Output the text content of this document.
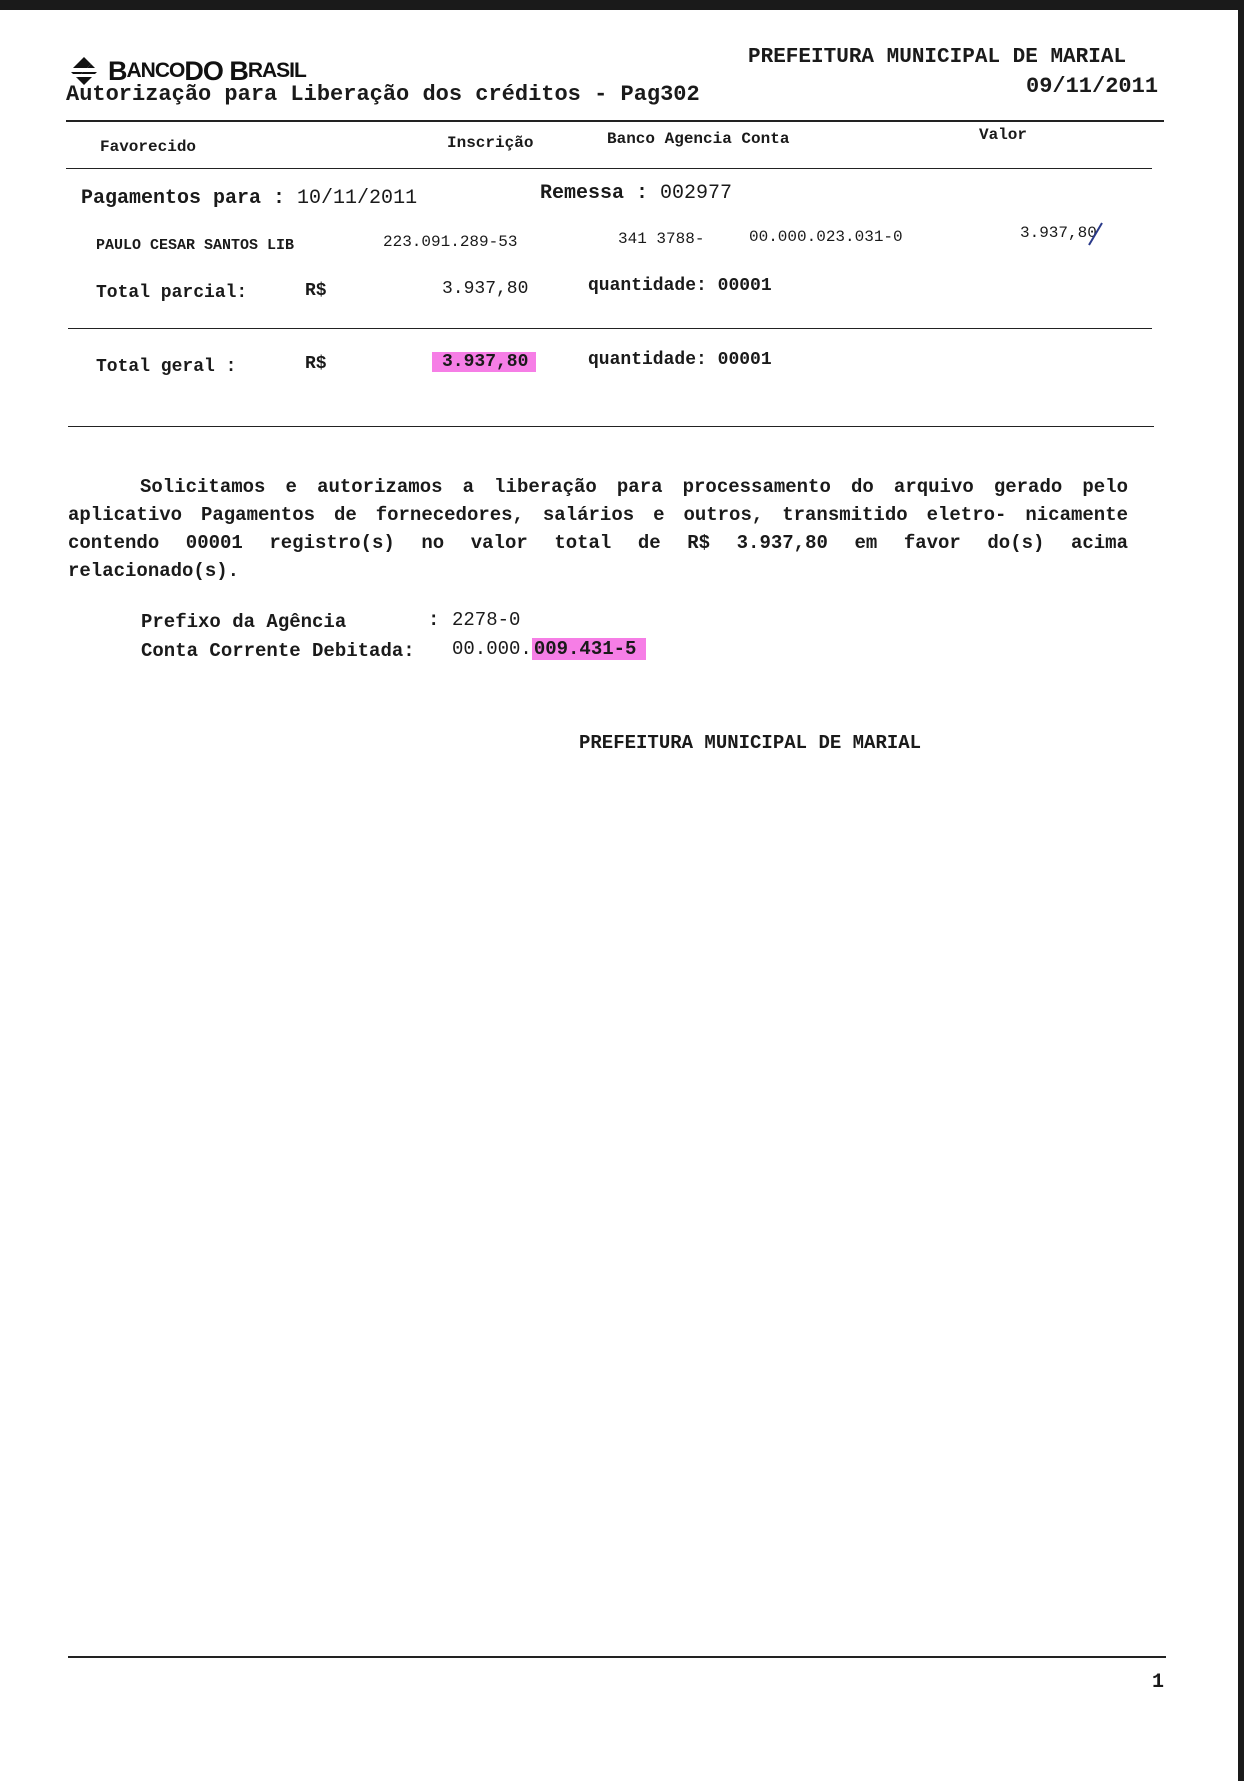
B ANCO DO B RASIL
Autorização para Liberação dos créditos - Pag302
PREFEITURA MUNICIPAL DE MARIAL
09/11/2011
Favorecido	Inscrição	Banco Agencia Conta	Valor
Pagamentos para : 10/11/2011	Remessa : 002977
PAULO CESAR SANTOS LIB	223.091.289-53	341 3788-	00.000.023.031-0	3.937,80
Total parcial:	R$	3.937,80	quantidade: 00001
Total geral :	R$	3.937,80	quantidade: 00001

Solicitamos e autorizamos a liberação para processamento do arquivo gerado pelo aplicativo Pagamentos de fornecedores, salários e outros, transmitido eletro- nicamente contendo 00001 registro(s) no valor total de R$ 3.937,80 em favor do(s) acima relacionado(s).

Prefixo da Agência	: 2278-0
Conta Corrente Debitada: 00.000. 009.431-5
PREFEITURA MUNICIPAL DE MARIAL
1
